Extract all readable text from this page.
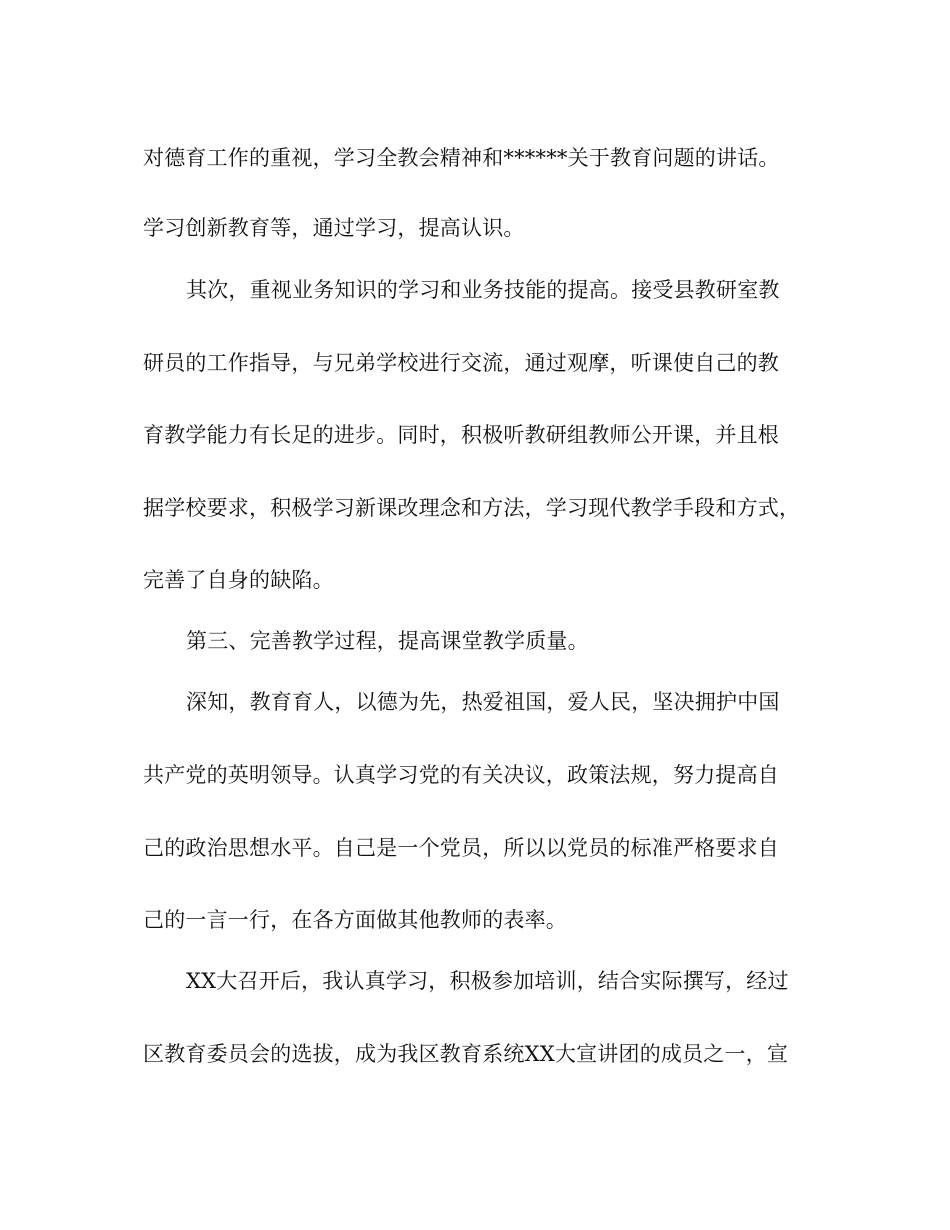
对德育工作的重视，学习全教会精神和******关于教育问题的讲话。
学习创新教育等，通过学习，提高认识。
其次，重视业务知识的学习和业务技能的提高。接受县教研室教
研员的工作指导，与兄弟学校进行交流，通过观摩，听课使自己的教
育教学能力有长足的进步。同时，积极听教研组教师公开课，并且根
据学校要求，积极学习新课改理念和方法，学习现代教学手段和方式，
完善了自身的缺陷。
第三、完善教学过程，提高课堂教学质量。
深知，教育育人，以德为先，热爱祖国，爱人民，坚决拥护中国
共产党的英明领导。认真学习党的有关决议，政策法规，努力提高自
己的政治思想水平。自己是一个党员，所以以党员的标准严格要求自
己的一言一行，在各方面做其他教师的表率。
XX大召开后，我认真学习，积极参加培训，结合实际撰写，经过
区教育委员会的选拔，成为我区教育系统XX大宣讲团的成员之一，宣
